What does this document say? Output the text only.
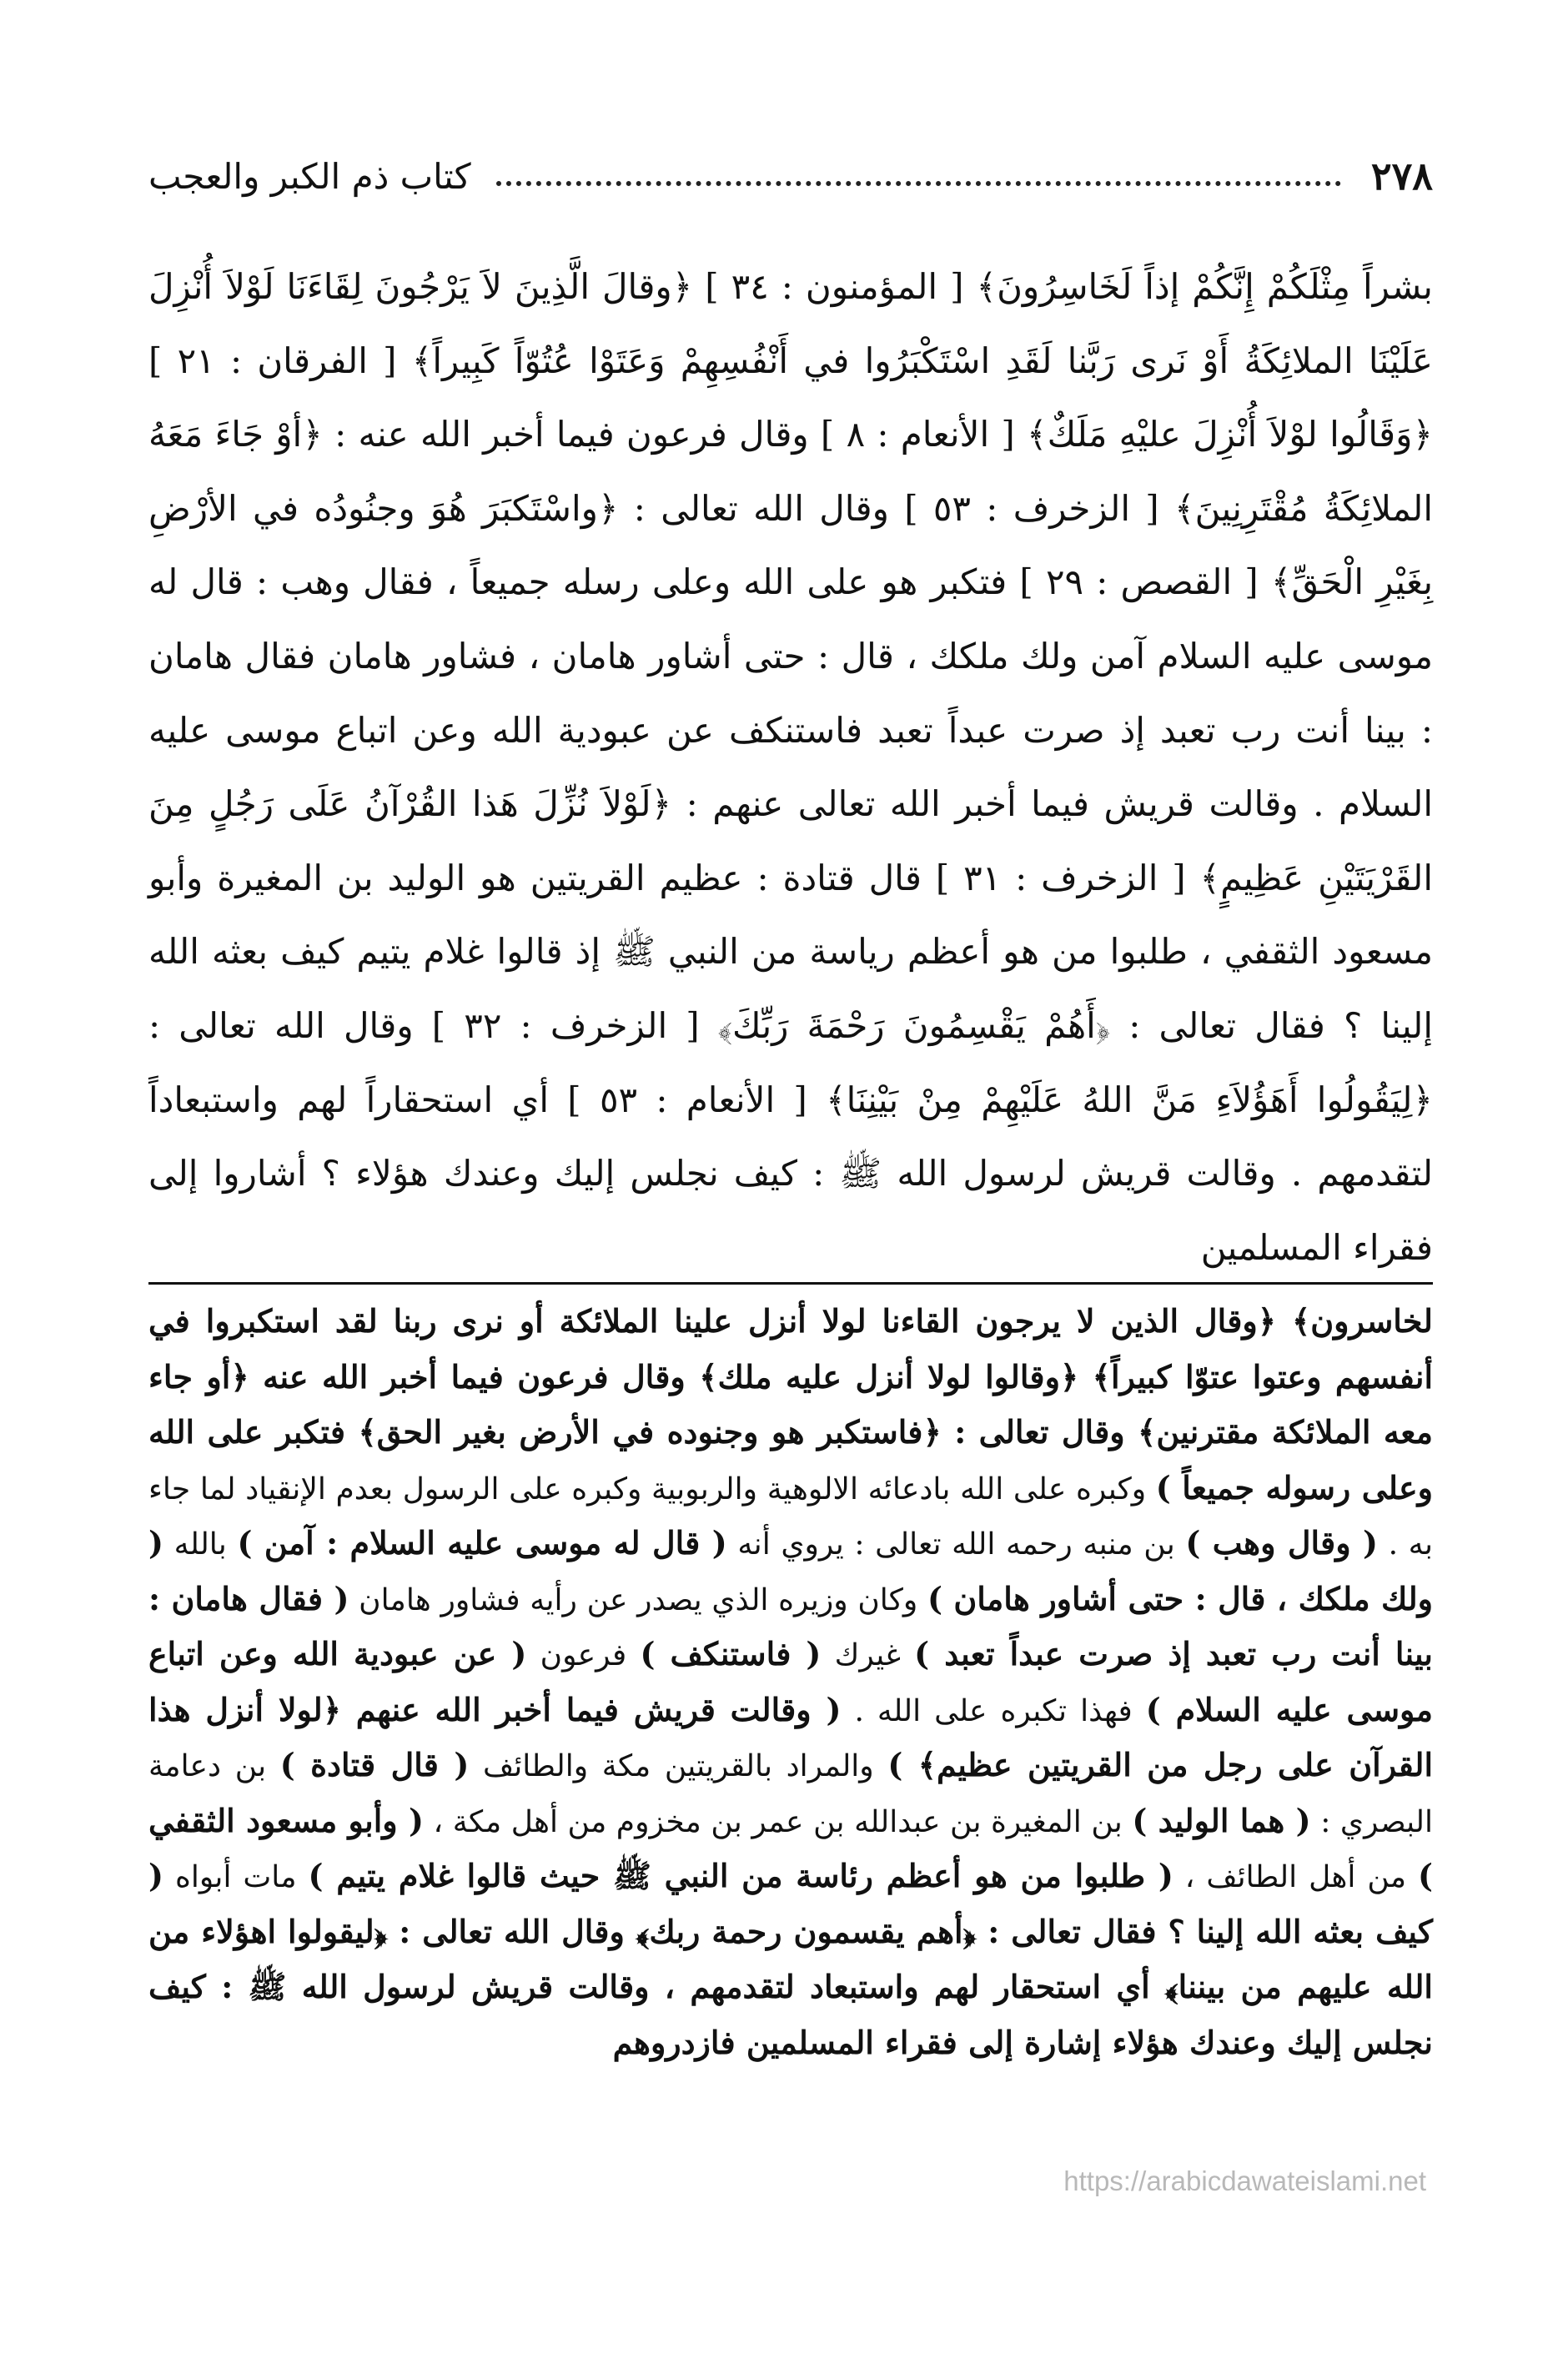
٢٧٨
كتاب ذم الكبر والعجب

بشراً مِثْلَكُمْ إِنَّكُمْ إذاً لَخَاسِرُونَ﴾ [ المؤمنون : ٣٤ ] ﴿وقالَ الَّذِينَ لاَ يَرْجُونَ لِقَاءَنَا لَوْلاَ أُنْزِلَ عَلَيْنَا الملائِكَةُ أَوْ نَرى رَبَّنا لَقَدِ اسْتَكْبَرُوا في أَنْفُسِهِمْ وَعَتَوْا عُتُوّاً كَبِيراً﴾ [ الفرقان : ٢١ ] ﴿وَقَالُوا لوْلاَ أُنْزِلَ عليْهِ مَلَكٌ﴾ [ الأنعام : ٨ ] وقال فرعون فيما أخبر الله عنه : ﴿أوْ جَاءَ مَعَهُ الملائِكَةُ مُقْتَرِنِينَ﴾ [ الزخرف : ٥٣ ] وقال الله تعالى : ﴿واسْتَكبَرَ هُوَ وجنُودُه في الأرْضِ بِغَيْرِ الْحَقِّ﴾ [ القصص : ٢٩ ] فتكبر هو على الله وعلى رسله جميعاً ، فقال وهب : قال له موسى عليه السلام آمن ولك ملكك ، قال : حتى أشاور هامان ، فشاور هامان فقال هامان : بينا أنت رب تعبد إذ صرت عبداً تعبد فاستنكف عن عبودية الله وعن اتباع موسى عليه السلام . وقالت قريش فيما أخبر الله تعالى عنهم : ﴿لَوْلاَ نُزِّلَ هَذا القُرْآنُ عَلَى رَجُلٍ مِنَ القَرْيَتَيْنِ عَظِيمٍ﴾ [ الزخرف : ٣١ ] قال قتادة : عظيم القريتين هو الوليد بن المغيرة وأبو مسعود الثقفي ، طلبوا من هو أعظم رياسة من النبي ﷺ إذ قالوا غلام يتيم كيف بعثه الله إلينا ؟ فقال تعالى : ﴿أَهُمْ يَقْسِمُونَ رَحْمَةَ رَبِّكَ﴾ [ الزخرف : ٣٢ ] وقال الله تعالى : ﴿لِيَقُولُوا أَهَؤُلاَءِ مَنَّ اللهُ عَلَيْهِمْ مِنْ بَيْنِنَا﴾ [ الأنعام : ٥٣ ] أي استحقاراً لهم واستبعاداً لتقدمهم . وقالت قريش لرسول الله ﷺ : كيف نجلس إليك وعندك هؤلاء ؟ أشاروا إلى فقراء المسلمين

لخاسرون﴾ ﴿وقال الذين لا يرجون القاءنا لولا أنزل علينا الملائكة أو نرى ربنا لقد استكبروا في أنفسهم وعتوا عتوّا كبيراً﴾ ﴿وقالوا لولا أنزل عليه ملك﴾ وقال فرعون فيما أخبر الله عنه ﴿أو جاء معه الملائكة مقترنين﴾ وقال تعالى : ﴿فاستكبر هو وجنوده في الأرض بغير الحق﴾ فتكبر على الله وعلى رسوله جميعاً ) وكبره على الله بادعائه الالوهية والربوبية وكبره على الرسول بعدم الإنقياد لما جاء به . ( وقال وهب ) بن منبه رحمه الله تعالى : يروي أنه ( قال له موسى عليه السلام : آمن ) بالله ( ولك ملكك ، قال : حتى أشاور هامان ) وكان وزيره الذي يصدر عن رأيه فشاور هامان ( فقال هامان : بينا أنت رب تعبد إذ صرت عبداً تعبد ) غيرك ( فاستنكف ) فرعون ( عن عبودية الله وعن اتباع موسى عليه السلام ) فهذا تكبره على الله . ( وقالت قريش فيما أخبر الله عنهم ﴿لولا أنزل هذا القرآن على رجل من القريتين عظيم﴾ ) والمراد بالقريتين مكة والطائف ( قال قتادة ) بن دعامة البصري : ( هما الوليد ) بن المغيرة بن عبدالله بن عمر بن مخزوم من أهل مكة ، ( وأبو مسعود الثقفي ) من أهل الطائف ، ( طلبوا من هو أعظم رئاسة من النبي ﷺ حيث قالوا غلام يتيم ) مات أبواه ( كيف بعثه الله إلينا ؟ فقال تعالى : ﴿أهم يقسمون رحمة ربك﴾ وقال الله تعالى : ﴿ليقولوا اهؤلاء من الله عليهم من بيننا﴾ أي استحقار لهم واستبعاد لتقدمهم ، وقالت قريش لرسول الله ﷺ : كيف نجلس إليك وعندك هؤلاء إشارة إلى فقراء المسلمين فازدروهم

https://arabicdawateislami.net
